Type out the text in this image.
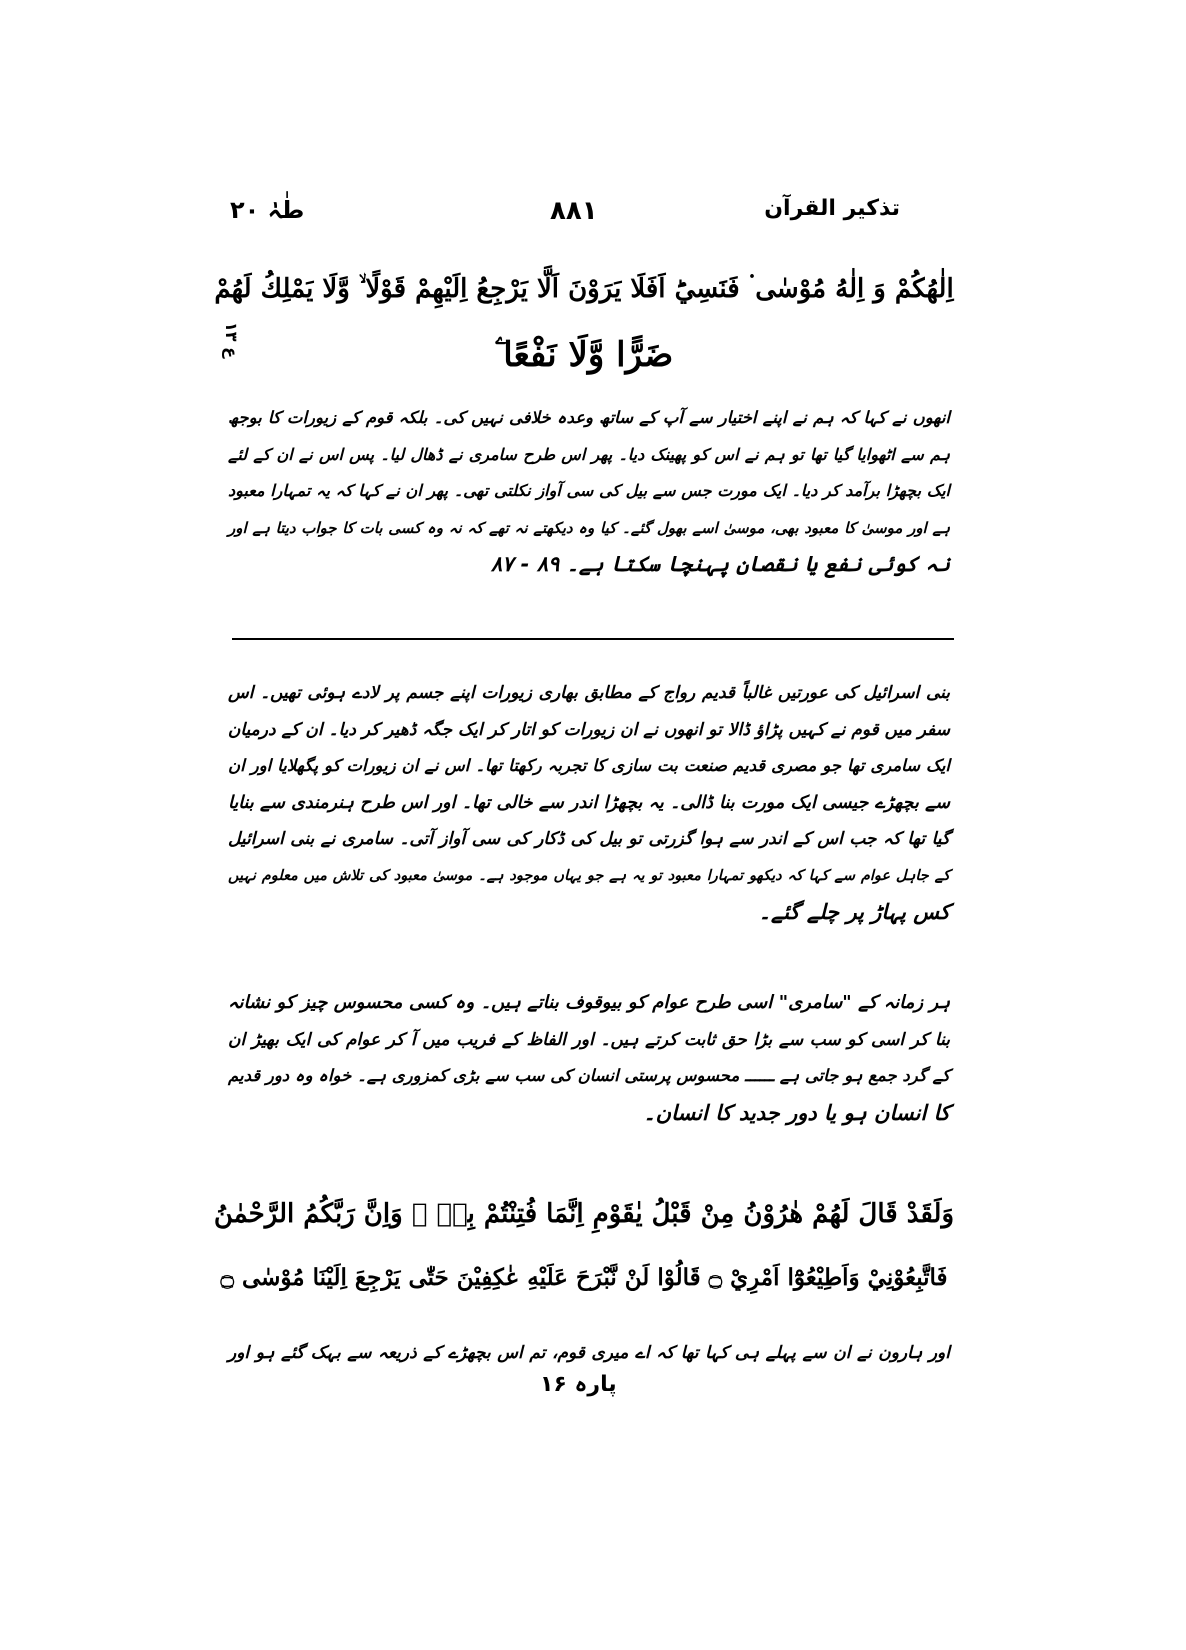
تذکیر القرآن
۸۸۱
طٰہٰ ۲۰
اِلٰهُكُمْ وَ اِلٰهُ مُوْسٰى ۬ فَنَسِيَؕ اَفَلَا يَرَوْنَ اَلَّا يَرْجِعُ اِلَيْهِمْ قَوْلًا ۙ وَّلَا يَمْلِكُ لَهُمْ
ضَرًّا وَّلَا نَفْعًا ۧ
ع ۱۳
انھوں نے کہا کہ ہم نے اپنے اختیار سے آپ کے ساتھ وعدہ خلافی نہیں کی۔ بلکہ قوم کے زیورات کا بوجھ
ہم سے اٹھوایا گیا تھا تو ہم نے اس کو پھینک دیا۔ پھر اس طرح سامری نے ڈھال لیا۔ پس اس نے ان کے لئے
ایک بچھڑا برآمد کر دیا۔ ایک مورت جس سے بیل کی سی آواز نکلتی تھی۔ پھر ان نے کہا کہ یہ تمہارا معبود
ہے اور موسیٰ کا معبود بھی، موسیٰ اسے بھول گئے۔ کیا وہ دیکھتے نہ تھے کہ نہ وہ کسی بات کا جواب دیتا ہے اور
نہ کوئی نفع یا نقصان پہنچا سکتا ہے۔ ۸۹ - ۸۷
بنی اسرائیل کی عورتیں غالباً قدیم رواج کے مطابق بھاری زیورات اپنے جسم پر لادے ہوئی تھیں۔ اس
سفر میں قوم نے کہیں پڑاؤ ڈالا تو انھوں نے ان زیورات کو اتار کر ایک جگہ ڈھیر کر دیا۔ ان کے درمیان
ایک سامری تھا جو مصری قدیم صنعت بت سازی کا تجربہ رکھتا تھا۔ اس نے ان زیورات کو پگھلایا اور ان
سے بچھڑے جیسی ایک مورت بنا ڈالی۔ یہ بچھڑا اندر سے خالی تھا۔ اور اس طرح ہنرمندی سے بنایا
گیا تھا کہ جب اس کے اندر سے ہوا گزرتی تو بیل کی ڈکار کی سی آواز آتی۔ سامری نے بنی اسرائیل
کے جاہل عوام سے کہا کہ دیکھو تمہارا معبود تو یہ ہے جو یہاں موجود ہے۔ موسیٰ معبود کی تلاش میں معلوم نہیں
کس پہاڑ پر چلے گئے۔
ہر زمانہ کے "سامری" اسی طرح عوام کو بیوقوف بناتے ہیں۔ وہ کسی محسوس چیز کو نشانہ
بنا کر اسی کو سب سے بڑا حق ثابت کرتے ہیں۔ اور الفاظ کے فریب میں آ کر عوام کی ایک بھیڑ ان
کے گرد جمع ہو جاتی ہے ــــــ محسوس پرستی انسان کی سب سے بڑی کمزوری ہے۔ خواہ وہ دور قدیم
کا انسان ہو یا دور جدید کا انسان۔
وَلَقَدْ قَالَ لَهُمْ هٰرُوْنُ مِنْ قَبْلُ يٰقَوْمِ اِنَّمَا فُتِنْتُمْ بِهٖ ۚ وَاِنَّ رَبَّكُمُ الرَّحْمٰنُ
فَاتَّبِعُوْنِيْ وَاَطِيْعُوْٓا اَمْرِيْ ۝ قَالُوْا لَنْ نَّبْرَحَ عَلَيْهِ عٰكِفِيْنَ حَتّٰى يَرْجِعَ اِلَيْنَا مُوْسٰى ۝
اور ہارون نے ان سے پہلے ہی کہا تھا کہ اے میری قوم، تم اس بچھڑے کے ذریعہ سے بہک گئے ہو اور
پارہ ۱۶
